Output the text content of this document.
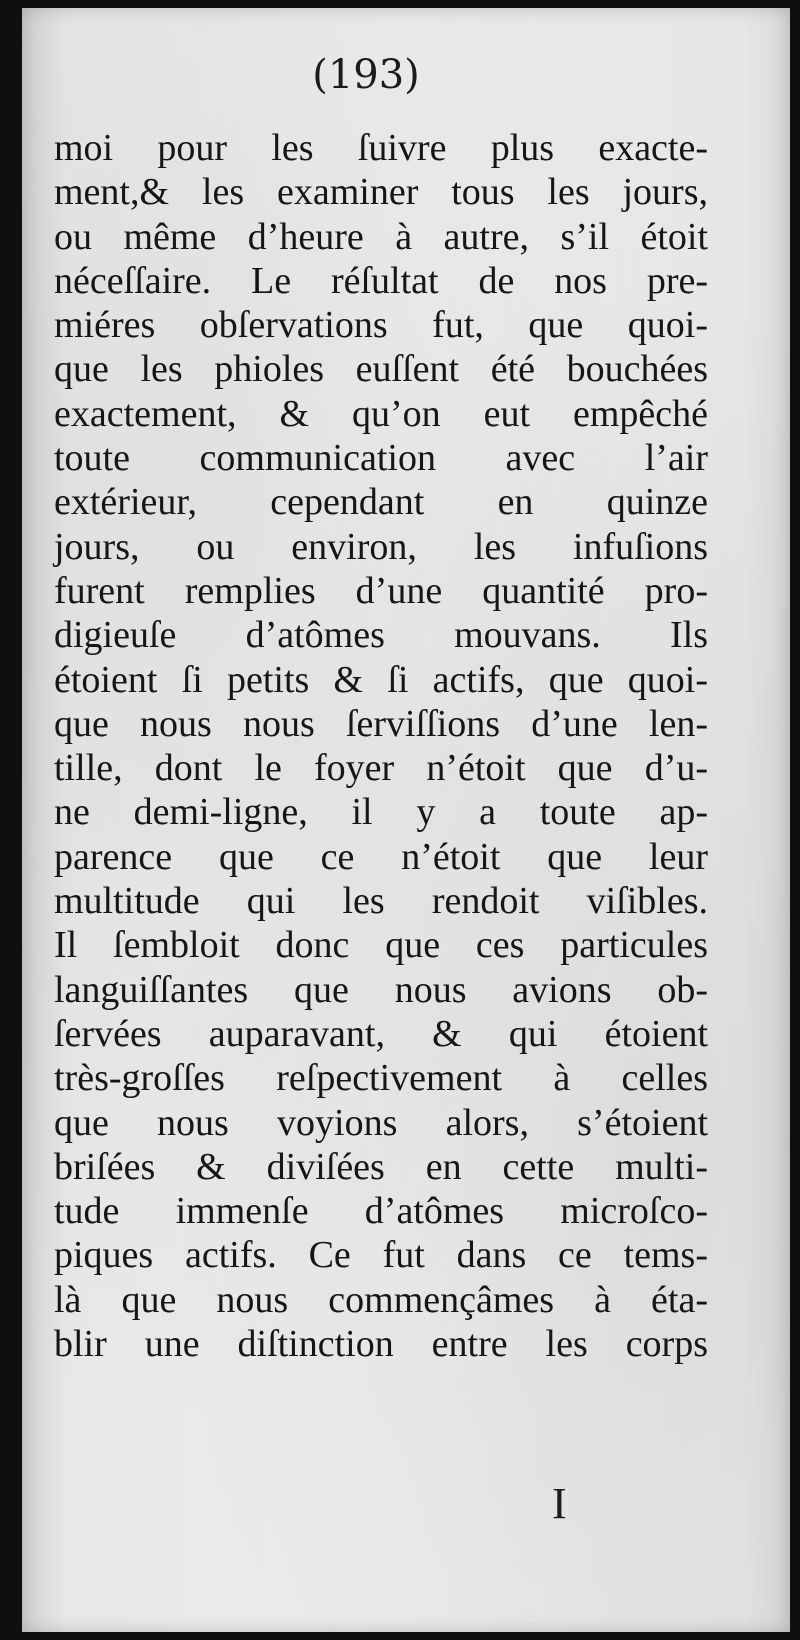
(193)
moi pour les ſuivre plus exacte-
ment,& les examiner tous les jours,
ou même d’heure à autre, s’il étoit
néceſſaire. Le réſultat de nos pre-
miéres obſervations fut, que quoi-
que les phioles euſſent été bouchées
exactement, & qu’on eut empêché
toute communication avec l’air
extérieur, cependant en quinze
jours, ou environ, les infuſions
furent remplies d’une quantité pro-
digieuſe d’atômes mouvans. Ils
étoient ſi petits & ſi actifs, que quoi-
que nous nous ſerviſſions d’une len-
tille, dont le foyer n’étoit que d’u-
ne demi-ligne, il y a toute ap-
parence que ce n’étoit que leur
multitude qui les rendoit viſibles.
Il ſembloit donc que ces particules
languiſſantes que nous avions ob-
ſervées auparavant, & qui étoient
très-groſſes reſpectivement à celles
que nous voyions alors, s’étoient
briſées & diviſées en cette multi-
tude immenſe d’atômes microſco-
piques actifs. Ce fut dans ce tems-
là que nous commençâmes à éta-
blir une diſtinction entre les corps
I
